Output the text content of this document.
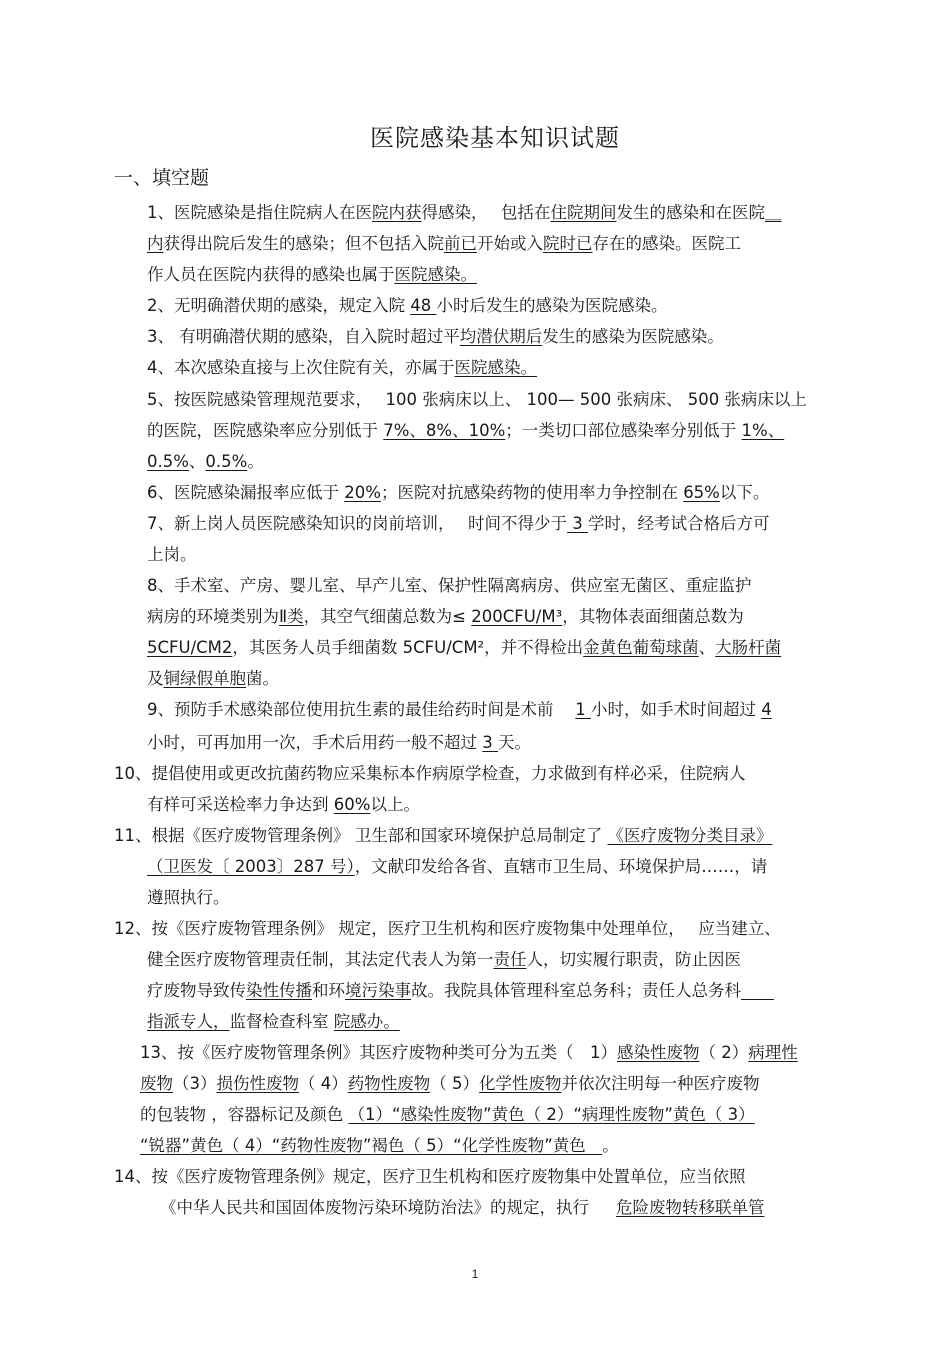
医院感染基本知识试题
一、填空题
1、医院感染是指住院病人在医院内获得感染，　 包括在住院期间发生的感染和在医院＿
内获得出院后发生的感染；但不包括入院前已开始或入院时已存在的感染。医院工
作人员在医院内获得的感染也属于医院感染。
2、无明确潜伏期的感染，规定入院 48 小时后发生的感染为医院感染。
3、 有明确潜伏期的感染，自入院时超过平均潜伏期后发生的感染为医院感染。
4、本次感染直接与上次住院有关，亦属于医院感染。
5、按医院感染管理规范要求，　 100 张病床以上、 100— 500 张病床、 500 张病床以上
的医院，医院感染率应分别低于 7%、8%、10%；一类切口部位感染率分别低于 1%、
0.5%、0.5%。
6、医院感染漏报率应低于 20%；医院对抗感染药物的使用率力争控制在 65%以下。
7、新上岗人员医院感染知识的岗前培训，　 时间不得少于 3 学时，经考试合格后方可
上岗。
8、手术室、产房、婴儿室、早产儿室、保护性隔离病房、供应室无菌区、重症监护
病房的环境类别为Ⅱ类，其空气细菌总数为≤ 200CFU/M³，其物体表面细菌总数为
5CFU/CM2，其医务人员手细菌数 5CFU/CM²，并不得检出金黄色葡萄球菌、大肠杆菌
及铜绿假单胞菌。
9、预防手术感染部位使用抗生素的最佳给药时间是术前 　1 小时，如手术时间超过 4
小时，可再加用一次，手术后用药一般不超过 3 天。
10、提倡使用或更改抗菌药物应采集标本作病原学检查，力求做到有样必采，住院病人
有样可采送检率力争达到 60%以上。
11、根据《医疗废物管理条例》 卫生部和国家环境保护总局制定了 《医疗废物分类目录》
（卫医发〔 2003〕287 号），文献印发给各省、直辖市卫生局、环境保护局……，请
遵照执行。
12、按《医疗废物管理条例》 规定，医疗卫生机构和医疗废物集中处理单位，　 应当建立、
健全医疗废物管理责任制，其法定代表人为第一责任人，切实履行职责，防止因医
疗废物导致传染性传播和环境污染事故。我院具体管理科室总务科；责任人总务科　　
指派专人，监督检查科室 院感办。
13、按《医疗废物管理条例》其医疗废物种类可分为五类（　1）感染性废物（ 2）病理性
废物（3）损伤性废物（ 4）药物性废物（ 5）化学性废物并依次注明每一种医疗废物
的包装物 ，容器标记及颜色 （1）“感染性废物”黄色（ 2）“病理性废物”黄色（ 3）
“锐器”黄色（ 4）“药物性废物”褐色（ 5）“化学性废物”黄色　。
14、按《医疗废物管理条例》规定，医疗卫生机构和医疗废物集中处置单位，应当依照
《中华人民共和国固体废物污染环境防治法》的规定，执行 　 危险废物转移联单管
1
